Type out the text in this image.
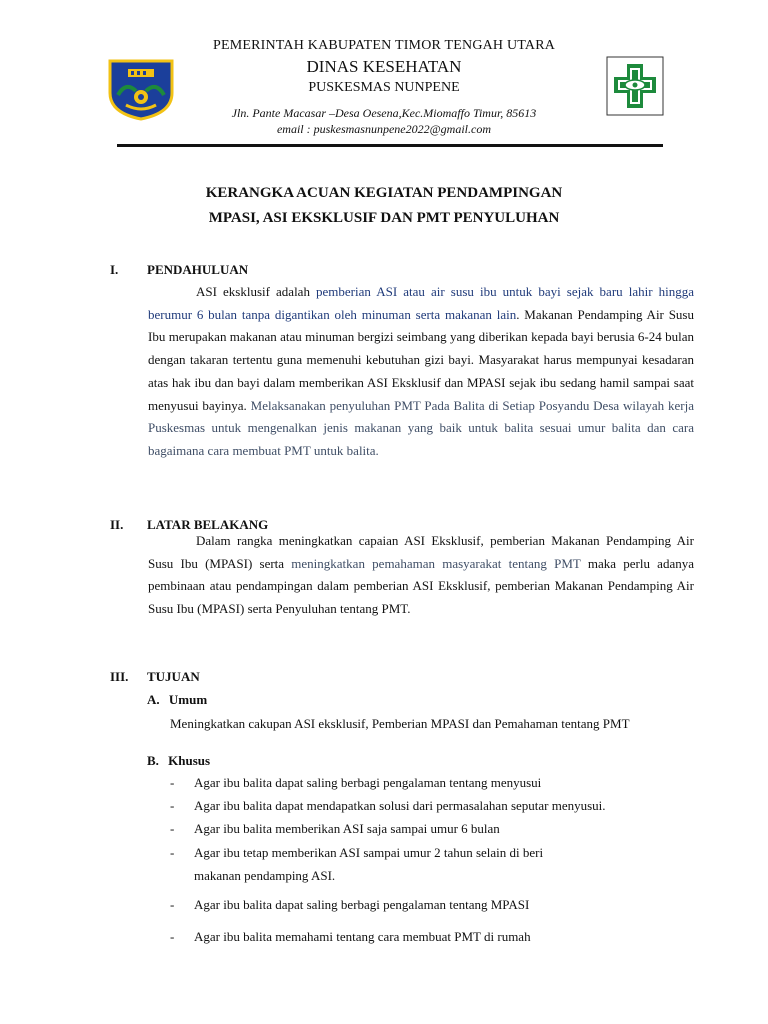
PEMERINTAH KABUPATEN TIMOR TENGAH UTARA
DINAS KESEHATAN
PUSKESMAS NUNPENE
Jln. Pante Macasar –Desa Oesena,Kec.Miomaffo Timur, 85613
email : puskesmasnunpene2022@gmail.com
KERANGKA ACUAN KEGIATAN PENDAMPINGAN
MPASI, ASI EKSKLUSIF DAN PMT PENYULUHAN
I. PENDAHULUAN
ASI eksklusif adalah pemberian ASI atau air susu ibu untuk bayi sejak baru lahir hingga berumur 6 bulan tanpa digantikan oleh minuman serta makanan lain. Makanan Pendamping Air Susu Ibu merupakan makanan atau minuman bergizi seimbang yang diberikan kepada bayi berusia 6-24 bulan dengan takaran tertentu guna memenuhi kebutuhan gizi bayi. Masyarakat harus mempunyai kesadaran atas hak ibu dan bayi dalam memberikan ASI Eksklusif dan MPASI sejak ibu sedang hamil sampai saat menyusui bayinya. Melaksanakan penyuluhan PMT Pada Balita di Setiap Posyandu Desa wilayah kerja Puskesmas untuk mengenalkan jenis makanan yang baik untuk balita sesuai umur balita dan cara bagaimana cara membuat PMT untuk balita.
II. LATAR BELAKANG
Dalam rangka meningkatkan capaian ASI Eksklusif, pemberian Makanan Pendamping Air Susu Ibu (MPASI) serta meningkatkan pemahaman masyarakat tentang PMT maka perlu adanya pembinaan atau pendampingan dalam pemberian ASI Eksklusif, pemberian Makanan Pendamping Air Susu Ibu (MPASI) serta Penyuluhan tentang PMT.
III. TUJUAN
A. Umum
Meningkatkan cakupan ASI eksklusif, Pemberian MPASI dan Pemahaman tentang PMT
B. Khusus
- Agar ibu balita dapat saling berbagi pengalaman tentang menyusui
- Agar ibu balita dapat mendapatkan solusi dari permasalahan seputar menyusui.
- Agar ibu balita memberikan ASI saja sampai umur 6 bulan
- Agar ibu tetap memberikan ASI sampai umur 2 tahun selain di beri
makanan pendamping ASI.
- Agar ibu balita dapat saling berbagi pengalaman tentang MPASI
- Agar ibu balita memahami tentang cara membuat PMT di rumah
